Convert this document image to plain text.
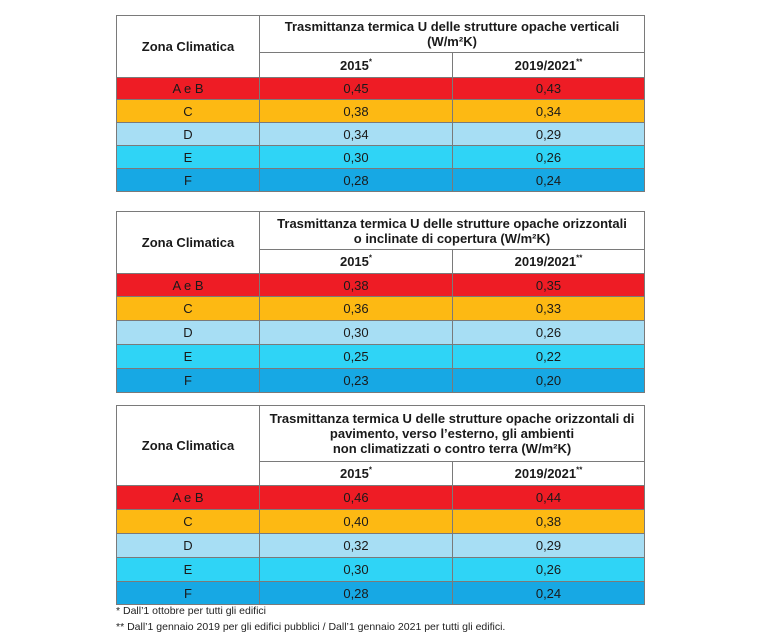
Zona Climatica	Trasmittanza termica U delle strutture opache verticali
(W/m²K)	

	2015*	2019/2021**
A e B	0,45	0,43
C	0,38	0,34
D	0,34	0,29
E	0,30	0,26
F	0,28	0,24
Zona Climatica	Trasmittanza termica U delle strutture opache orizzontali
o inclinate di copertura (W/m²K)	

	2015*	2019/2021**
A e B	0,38	0,35
C	0,36	0,33
D	0,30	0,26
E	0,25	0,22
F	0,23	0,20
Zona Climatica	Trasmittanza termica U delle strutture opache orizzontali di
pavimento, verso l’esterno, gli ambienti
non climatizzati o contro terra (W/m²K)	

	2015*	2019/2021**
A e B	0,46	0,44
C	0,40	0,38
D	0,32	0,29
E	0,30	0,26
F	0,28	0,24
* Dall’1 ottobre per tutti gli edifici
** Dall’1 gennaio 2019 per gli edifici pubblici / Dall’1 gennaio 2021 per tutti gli edifici.
